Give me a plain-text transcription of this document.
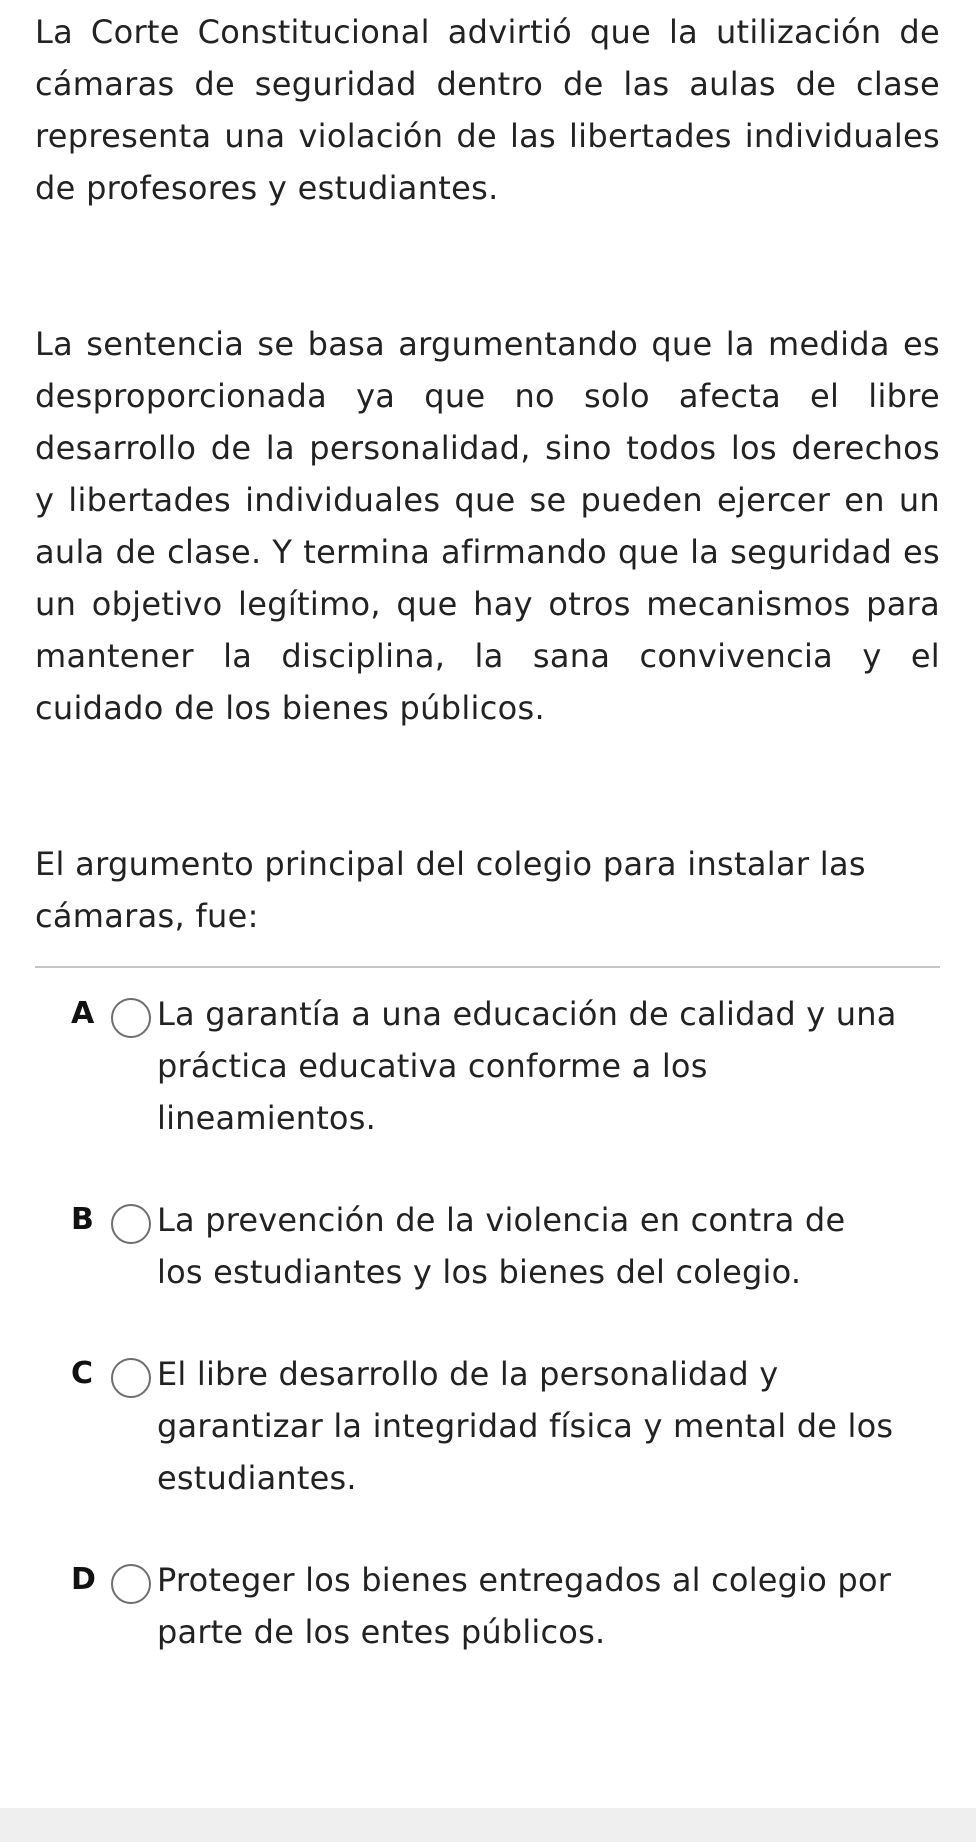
La Corte Constitucional advirtió que la utilización de cámaras de seguridad dentro de las aulas de clase representa una violación de las libertades individuales de profesores y estudiantes.

La sentencia se basa argumentando que la medida es desproporcionada ya que no solo afecta el libre desarrollo de la personalidad, sino todos los derechos y libertades individuales que se pueden ejercer en un aula de clase. Y termina afirmando que la seguridad es un objetivo legítimo, que hay otros mecanismos para mantener la disciplina, la sana convivencia y el cuidado de los bienes públicos.

El argumento principal del colegio para instalar las cámaras, fue:

A	La garantía a una educación de calidad y una práctica educativa conforme a los lineamientos.
B	La prevención de la violencia en contra de los estudiantes y los bienes del colegio.
C	El libre desarrollo de la personalidad y garantizar la integridad física y mental de los estudiantes.
D	Proteger los bienes entregados al colegio por parte de los entes públicos.
